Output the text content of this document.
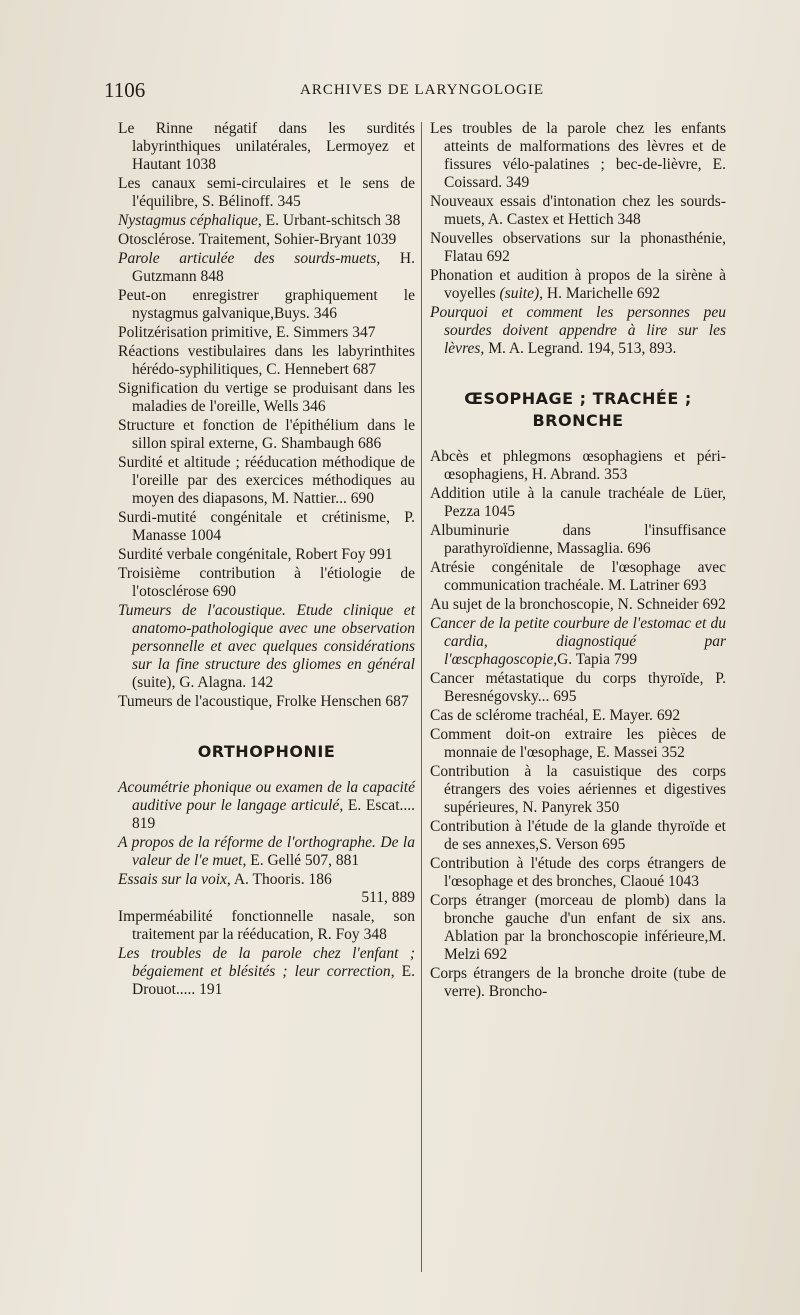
1106	ARCHIVES DE LARYNGOLOGIE
Le Rinne négatif dans les surdités labyrinthiques unilatérales, Lermoyez et Hautant 1038
Les canaux semi-circulaires et le sens de l'équilibre, S. Bélinoff. 345
Nystagmus céphalique, E. Urbant-schitsch 38
Otosclérose. Traitement, Sohier-Bryant 1039
Parole articulée des sourds-muets, H. Gutzmann 848
Peut-on enregistrer graphiquement le nystagmus galvanique,Buys. 346
Politzérisation primitive, E. Simmers 347
Réactions vestibulaires dans les labyrinthites hérédo-syphilitiques, C. Hennebert 687
Signification du vertige se produisant dans les maladies de l'oreille, Wells 346
Structure et fonction de l'épithélium dans le sillon spiral externe, G. Shambaugh 686
Surdité et altitude ; rééducation méthodique de l'oreille par des exercices méthodiques au moyen des diapasons, M. Nattier... 690
Surdi-mutité congénitale et crétinisme, P. Manasse 1004
Surdité verbale congénitale, Robert Foy 991
Troisième contribution à l'étiologie de l'otosclérose 690
Tumeurs de l'acoustique. Etude clinique et anatomo-pathologique avec une observation personnelle et avec quelques considérations sur la fine structure des gliomes en général (suite), G. Alagna. 142
Tumeurs de l'acoustique, Frolke Henschen 687
ORTHOPHONIE
Acoumétrie phonique ou examen de la capacité auditive pour le langage articulé, E. Escat.... 819
A propos de la réforme de l'orthographe. De la valeur de l'e muet, E. Gellé 507, 881
Essais sur la voix, A. Thooris. 186
511, 889
Imperméabilité fonctionnelle nasale, son traitement par la rééducation, R. Foy 348
Les troubles de la parole chez l'enfant ; bégaiement et blésités ; leur correction, E. Drouot..... 191
Les troubles de la parole chez les enfants atteints de malformations des lèvres et de fissures vélo-palatines ; bec-de-lièvre, E. Coissard. 349
Nouveaux essais d'intonation chez les sourds-muets, A. Castex et Hettich 348
Nouvelles observations sur la phonasthénie, Flatau 692
Phonation et audition à propos de la sirène à voyelles (suite), H. Marichelle 692
Pourquoi et comment les personnes peu sourdes doivent appendre à lire sur les lèvres, M. A. Legrand. 194, 513, 893.
ŒSOPHAGE ; TRACHÉE ; BRONCHE
Abcès et phlegmons œsophagiens et péri-œsophagiens, H. Abrand. 353
Addition utile à la canule trachéale de Lüer, Pezza 1045
Albuminurie dans l'insuffisance parathyroïdienne, Massaglia. 696
Atrésie congénitale de l'œsophage avec communication trachéale. M. Latriner 693
Au sujet de la bronchoscopie, N. Schneider 692
Cancer de la petite courbure de l'estomac et du cardia, diagnostiqué par l'œscphagoscopie,G. Tapia 799
Cancer métastatique du corps thyroïde, P. Beresnégovsky... 695
Cas de sclérome trachéal, E. Mayer. 692
Comment doit-on extraire les pièces de monnaie de l'œsophage, E. Massei 352
Contribution à la casuistique des corps étrangers des voies aériennes et digestives supérieures, N. Panyrek 350
Contribution à l'étude de la glande thyroïde et de ses annexes,S. Verson 695
Contribution à l'étude des corps étrangers de l'œsophage et des bronches, Claoué 1043
Corps étranger (morceau de plomb) dans la bronche gauche d'un enfant de six ans. Ablation par la bronchoscopie inférieure,M. Melzi 692
Corps étrangers de la bronche droite (tube de verre). Broncho-
